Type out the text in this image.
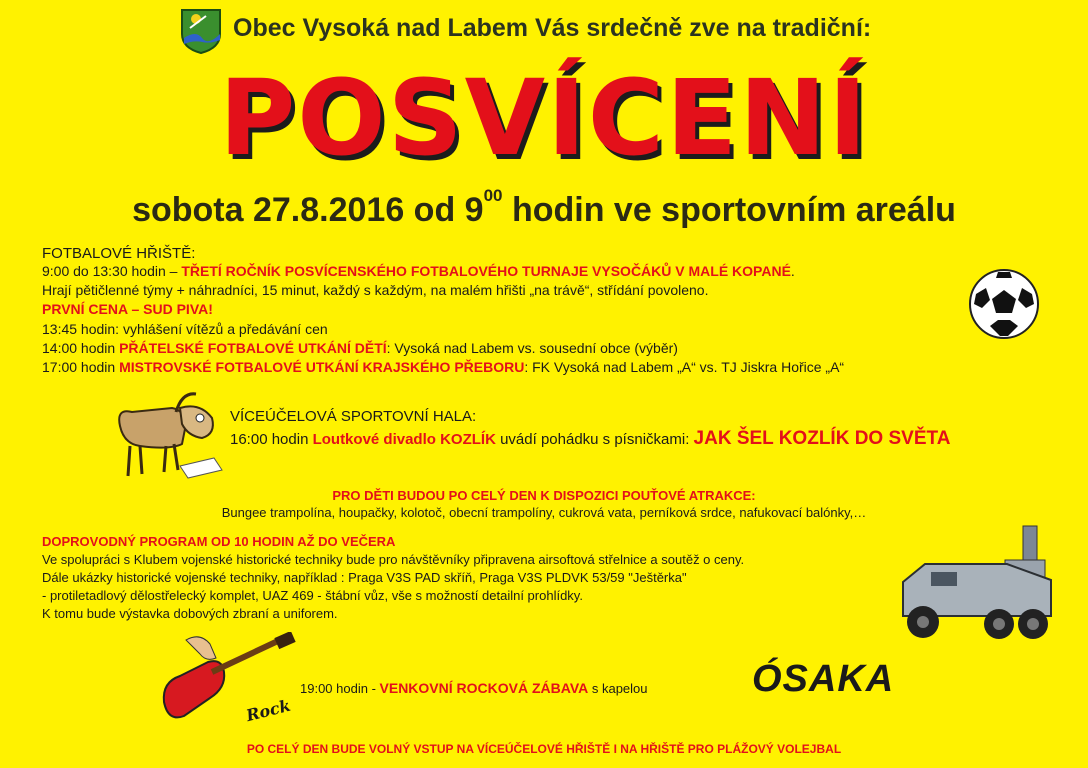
Obec Vysoká nad Labem Vás srdečně zve na tradiční:
POSVÍCENÍ
sobota 27.8.2016 od $9^{00}$ hodin ve sportovním areálu
FOTBALOVÉ HŘIŠTĚ:
9:00 do 13:30 hodin – TŘETÍ ROČNÍK POSVÍCENSKÉHO FOTBALOVÉHO TURNAJE VYSOČÁKŮ V MALÉ KOPANÉ.
Hrají pětičlenné týmy + náhradníci, 15 minut, každý s každým, na malém hřišti „na trávě“, střídání povoleno.
PRVNÍ CENA – SUD PIVA!
13:45 hodin: vyhlášení vítězů a předávání cen
14:00 hodin PŘÁTELSKÉ FOTBALOVÉ UTKÁNÍ DĚTÍ: Vysoká nad Labem vs. sousední obce (výběr)
17:00 hodin MISTROVSKÉ FOTBALOVÉ UTKÁNÍ KRAJSKÉHO PŘEBORU: FK Vysoká nad Labem „A“ vs. TJ Jiskra Hořice „A“
VÍCEÚČELOVÁ SPORTOVNÍ HALA:
16:00 hodin Loutkové divadlo KOZLÍK uvádí pohádku s písničkami: JAK ŠEL KOZLÍK DO SVĚTA
PRO DĚTI BUDOU PO CELÝ DEN K DISPOZICI POUŤOVÉ ATRAKCE:
Bungee trampolína, houpačky, kolotoč, obecní trampolíny, cukrová vata, perníková srdce, nafukovací balónky,…
DOPROVODNÝ PROGRAM OD 10 HODIN AŽ DO VEČERA
Ve spolupráci s Klubem vojenské historické techniky bude pro návštěvníky připravena airsoftová střelnice a soutěž o ceny.
Dále ukázky historické vojenské techniky, například : Praga V3S PAD skříň, Praga V3S PLDVK 53/59 "Ještěrka"
- protiletadlový dělostřelecký komplet, UAZ 469 - štábní vůz, vše s možností detailní prohlídky.
K tomu bude výstavka dobových zbraní a uniforem.
Rock
19:00 hodin - VENKOVNÍ ROCKOVÁ ZÁBAVA s kapelou	ÓSAKA
PO CELÝ DEN BUDE VOLNÝ VSTUP NA VÍCEÚČELOVÉ HŘIŠTĚ I NA HŘIŠTĚ PRO PLÁŽOVÝ VOLEJBAL
